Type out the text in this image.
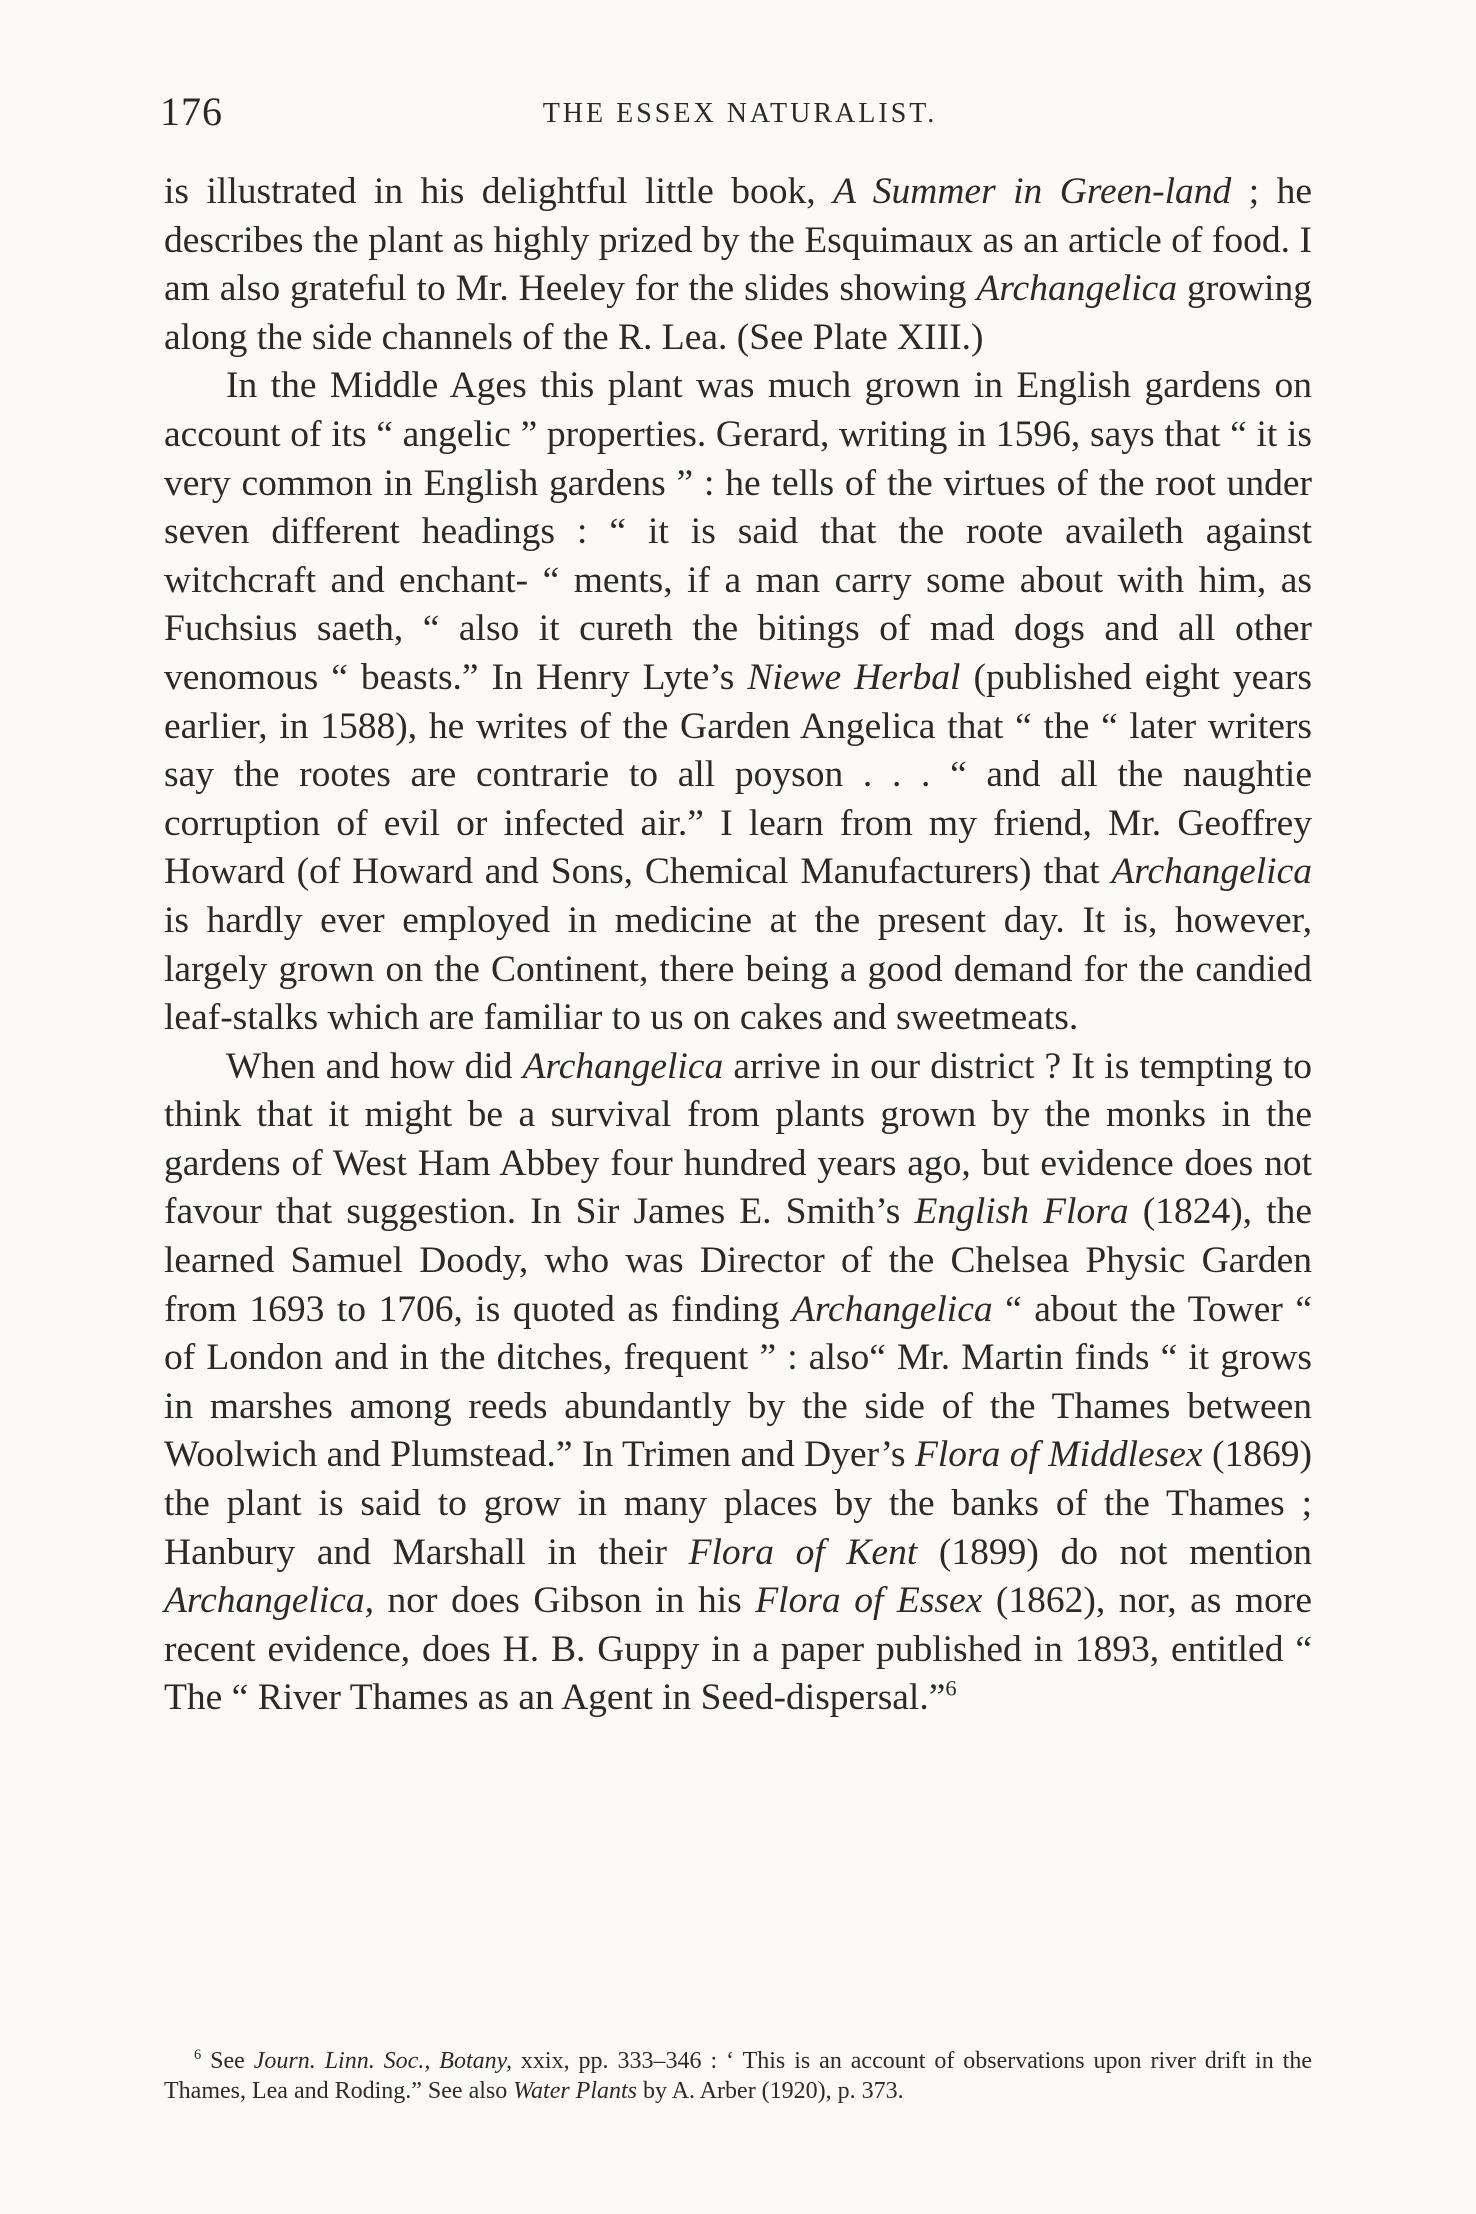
176	THE ESSEX NATURALIST.

is illustrated in his delightful little book, A Summer in Green-land ; he describes the plant as highly prized by the Esquimaux as an article of food. I am also grateful to Mr. Heeley for the slides showing Archangelica growing along the side channels of the R. Lea. (See Plate XIII.)

In the Middle Ages this plant was much grown in English gardens on account of its “ angelic ” properties. Gerard, writing in 1596, says that “ it is very common in English gardens ” : he tells of the virtues of the root under seven different headings : “ it is said that the roote availeth against witchcraft and enchant- “ ments, if a man carry some about with him, as Fuchsius saeth, “ also it cureth the bitings of mad dogs and all other venomous “ beasts.” In Henry Lyte’s Niewe Herbal (published eight years earlier, in 1588), he writes of the Garden Angelica that “ the “ later writers say the rootes are contrarie to all poyson . . . “ and all the naughtie corruption of evil or infected air.” I learn from my friend, Mr. Geoffrey Howard (of Howard and Sons, Chemical Manufacturers) that Archangelica is hardly ever employed in medicine at the present day. It is, however, largely grown on the Continent, there being a good demand for the candied leaf-stalks which are familiar to us on cakes and sweetmeats.

When and how did Archangelica arrive in our district ? It is tempting to think that it might be a survival from plants grown by the monks in the gardens of West Ham Abbey four hundred years ago, but evidence does not favour that suggestion. In Sir James E. Smith’s English Flora (1824), the learned Samuel Doody, who was Director of the Chelsea Physic Garden from 1693 to 1706, is quoted as finding Archangelica “ about the Tower “ of London and in the ditches, frequent ” : also“ Mr. Martin finds “ it grows in marshes among reeds abundantly by the side of the Thames between Woolwich and Plumstead.” In Trimen and Dyer’s Flora of Middlesex (1869) the plant is said to grow in many places by the banks of the Thames ; Hanbury and Marshall in their Flora of Kent (1899) do not mention Archangelica, nor does Gibson in his Flora of Essex (1862), nor, as more recent evidence, does H. B. Guppy in a paper published in 1893, entitled “ The “ River Thames as an Agent in Seed-dispersal.”$^6$

$^6$ See Journ. Linn. Soc., Botany, xxix, pp. 333–346 : ‘ This is an account of observations upon river drift in the Thames, Lea and Roding.” See also Water Plants by A. Arber (1920), p. 373.
